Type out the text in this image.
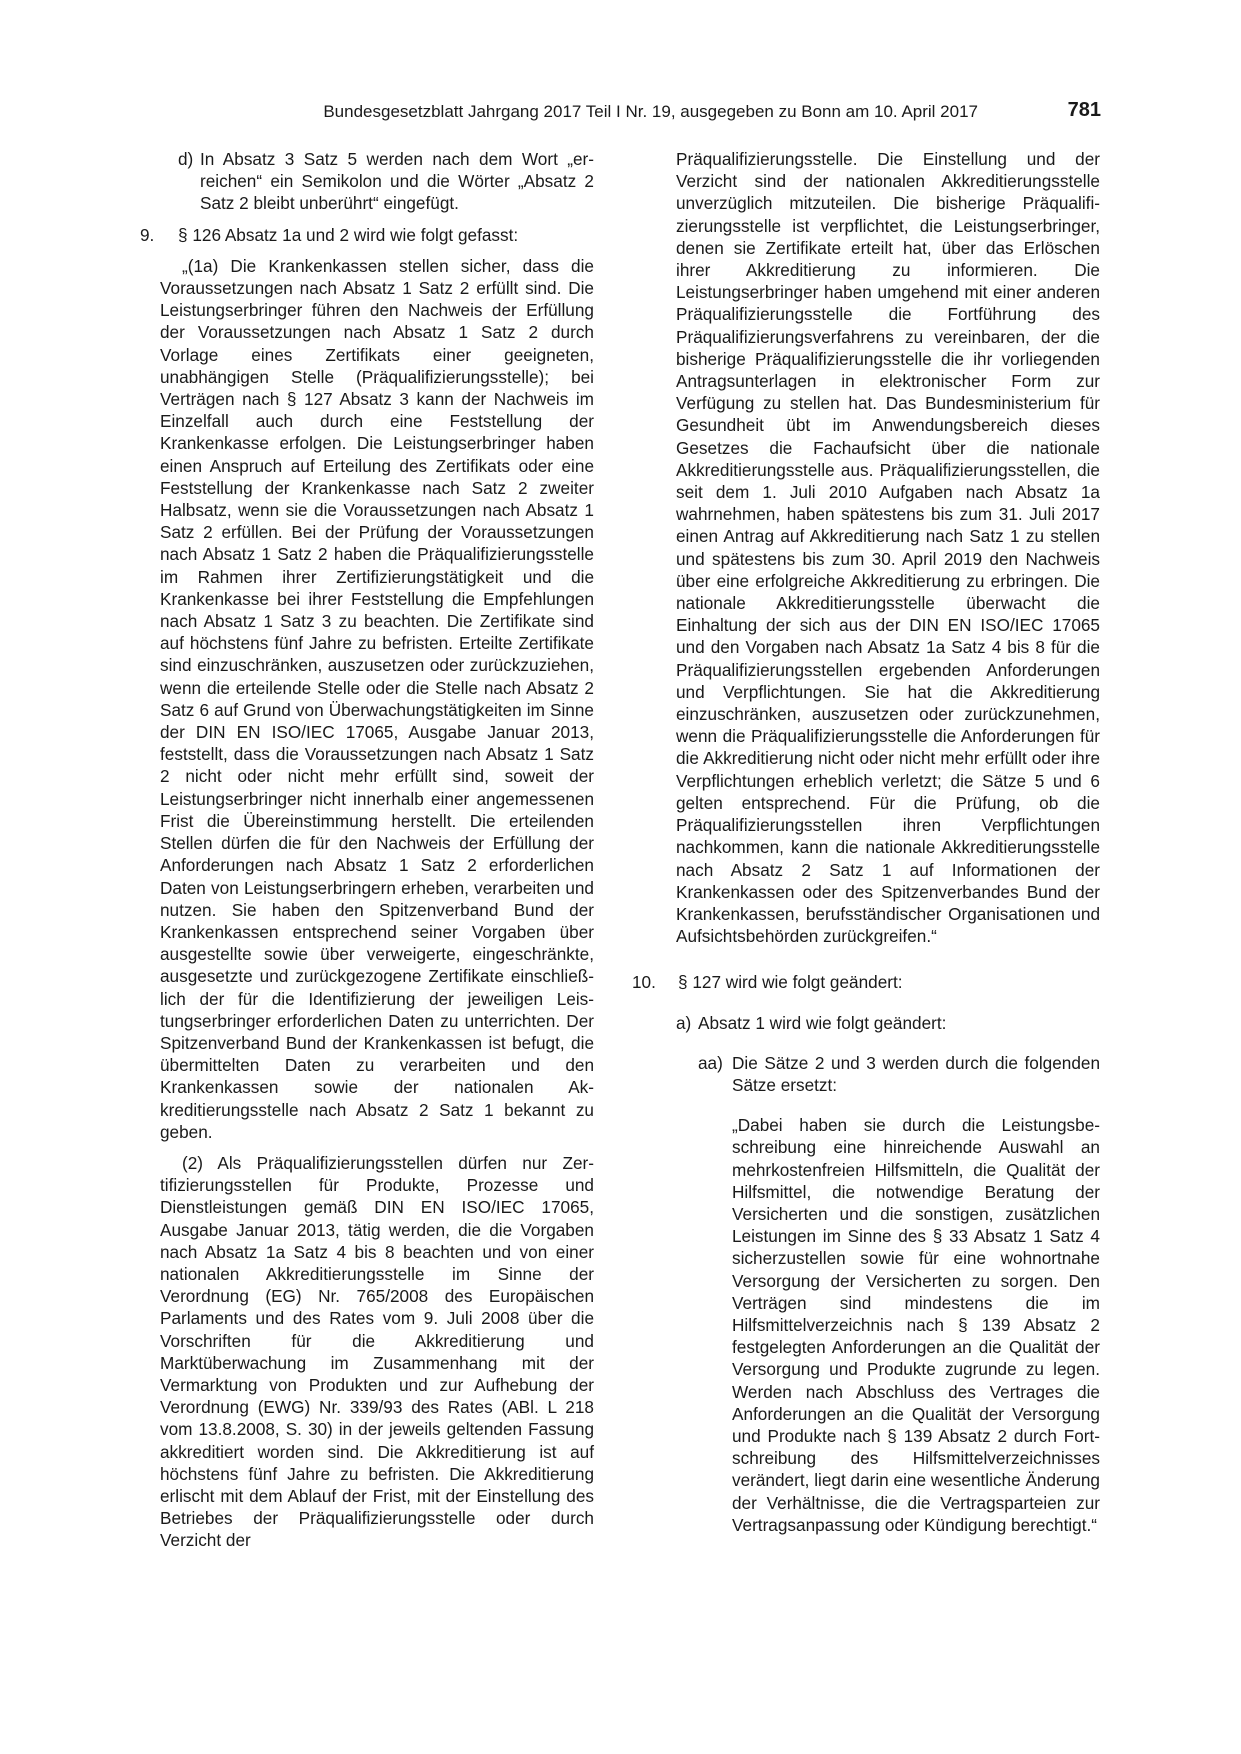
Bundesgesetzblatt Jahrgang 2017 Teil I Nr. 19, ausgegeben zu Bonn am 10. April 2017	781
d) In Absatz 3 Satz 5 werden nach dem Wort „erreichen“ ein Semikolon und die Wörter „Absatz 2 Satz 2 bleibt unberührt“ eingefügt.

9. § 126 Absatz 1a und 2 wird wie folgt gefasst:

„(1a) Die Krankenkassen stellen sicher, dass die Voraussetzungen nach Absatz 1 Satz 2 erfüllt sind. Die Leistungserbringer führen den Nachweis der Erfüllung der Voraussetzungen nach Absatz 1 Satz 2 durch Vorlage eines Zertifikats einer geeigneten, unabhängigen Stelle (Präqualifizierungsstelle); bei Verträgen nach § 127 Absatz 3 kann der Nachweis im Einzelfall auch durch eine Feststellung der Krankenkasse erfolgen. Die Leistungserbringer haben einen Anspruch auf Erteilung des Zertifikats oder eine Feststellung der Krankenkasse nach Satz 2 zweiter Halbsatz, wenn sie die Voraussetzungen nach Absatz 1 Satz 2 erfüllen. Bei der Prüfung der Voraussetzungen nach Absatz 1 Satz 2 haben die Präqualifizierungsstelle im Rahmen ihrer Zertifizierungstätigkeit und die Krankenkasse bei ihrer Feststellung die Empfehlungen nach Absatz 1 Satz 3 zu beachten. Die Zertifikate sind auf höchstens fünf Jahre zu befristen. Erteilte Zertifikate sind einzuschränken, auszusetzen oder zurückzuziehen, wenn die erteilende Stelle oder die Stelle nach Absatz 2 Satz 6 auf Grund von Überwachungstätigkeiten im Sinne der DIN EN ISO/IEC 17065, Ausgabe Januar 2013, feststellt, dass die Voraussetzungen nach Absatz 1 Satz 2 nicht oder nicht mehr erfüllt sind, soweit der Leistungserbringer nicht innerhalb einer angemessenen Frist die Übereinstimmung herstellt. Die erteilenden Stellen dürfen die für den Nachweis der Erfüllung der Anforderungen nach Absatz 1 Satz 2 erforderlichen Daten von Leistungserbringern erheben, verarbeiten und nutzen. Sie haben den Spitzenverband Bund der Krankenkassen entsprechend seiner Vorgaben über ausgestellte sowie über verweigerte, eingeschränkte, ausgesetzte und zurückgezogene Zertifikate einschließlich der für die Identifizierung der jeweiligen Leistungserbringer erforderlichen Daten zu unterrichten. Der Spitzenverband Bund der Krankenkassen ist befugt, die übermittelten Daten zu verarbeiten und den Krankenkassen sowie der nationalen Akkreditierungsstelle nach Absatz 2 Satz 1 bekannt zu geben.

(2) Als Präqualifizierungsstellen dürfen nur Zertifizierungsstellen für Produkte, Prozesse und Dienstleistungen gemäß DIN EN ISO/IEC 17065, Ausgabe Januar 2013, tätig werden, die die Vorgaben nach Absatz 1a Satz 4 bis 8 beachten und von einer nationalen Akkreditierungsstelle im Sinne der Verordnung (EG) Nr. 765/2008 des Europäischen Parlaments und des Rates vom 9. Juli 2008 über die Vorschriften für die Akkreditierung und Marktüberwachung im Zusammenhang mit der Vermarktung von Produkten und zur Aufhebung der Verordnung (EWG) Nr. 339/93 des Rates (ABl. L 218 vom 13.8.2008, S. 30) in der jeweils geltenden Fassung akkreditiert worden sind. Die Akkreditierung ist auf höchstens fünf Jahre zu befristen. Die Akkreditierung erlischt mit dem Ablauf der Frist, mit der Einstellung des Betriebes der Präqualifizierungsstelle oder durch Verzicht der

Präqualifizierungsstelle. Die Einstellung und der Verzicht sind der nationalen Akkreditierungsstelle unverzüglich mitzuteilen. Die bisherige Präqualifizierungsstelle ist verpflichtet, die Leistungserbringer, denen sie Zertifikate erteilt hat, über das Erlöschen ihrer Akkreditierung zu informieren. Die Leistungserbringer haben umgehend mit einer anderen Präqualifizierungsstelle die Fortführung des Präqualifizierungsverfahrens zu vereinbaren, der die bisherige Präqualifizierungsstelle die ihr vorliegenden Antragsunterlagen in elektronischer Form zur Verfügung zu stellen hat. Das Bundesministerium für Gesundheit übt im Anwendungsbereich dieses Gesetzes die Fachaufsicht über die nationale Akkreditierungsstelle aus. Präqualifizierungsstellen, die seit dem 1. Juli 2010 Aufgaben nach Absatz 1a wahrnehmen, haben spätestens bis zum 31. Juli 2017 einen Antrag auf Akkreditierung nach Satz 1 zu stellen und spätestens bis zum 30. April 2019 den Nachweis über eine erfolgreiche Akkreditierung zu erbringen. Die nationale Akkreditierungsstelle überwacht die Einhaltung der sich aus der DIN EN ISO/IEC 17065 und den Vorgaben nach Absatz 1a Satz 4 bis 8 für die Präqualifizierungsstellen ergebenden Anforderungen und Verpflichtungen. Sie hat die Akkreditierung einzuschränken, auszusetzen oder zurückzunehmen, wenn die Präqualifizierungsstelle die Anforderungen für die Akkreditierung nicht oder nicht mehr erfüllt oder ihre Verpflichtungen erheblich verletzt; die Sätze 5 und 6 gelten entsprechend. Für die Prüfung, ob die Präqualifizierungsstellen ihren Verpflichtungen nachkommen, kann die nationale Akkreditierungsstelle nach Absatz 2 Satz 1 auf Informationen der Krankenkassen oder des Spitzenverbandes Bund der Krankenkassen, berufsständischer Organisationen und Aufsichtsbehörden zurückgreifen.“

10. § 127 wird wie folgt geändert:

a) Absatz 1 wird wie folgt geändert:

aa) Die Sätze 2 und 3 werden durch die folgenden Sätze ersetzt:

„Dabei haben sie durch die Leistungsbeschreibung eine hinreichende Auswahl an mehrkostenfreien Hilfsmitteln, die Qualität der Hilfsmittel, die notwendige Beratung der Versicherten und die sonstigen, zusätzlichen Leistungen im Sinne des § 33 Absatz 1 Satz 4 sicherzustellen sowie für eine wohnortnahe Versorgung der Versicherten zu sorgen. Den Verträgen sind mindestens die im Hilfsmittelverzeichnis nach § 139 Absatz 2 festgelegten Anforderungen an die Qualität der Versorgung und Produkte zugrunde zu legen. Werden nach Abschluss des Vertrages die Anforderungen an die Qualität der Versorgung und Produkte nach § 139 Absatz 2 durch Fortschreibung des Hilfsmittelverzeichnisses verändert, liegt darin eine wesentliche Änderung der Verhältnisse, die die Vertragsparteien zur Vertragsanpassung oder Kündigung berechtigt.“
